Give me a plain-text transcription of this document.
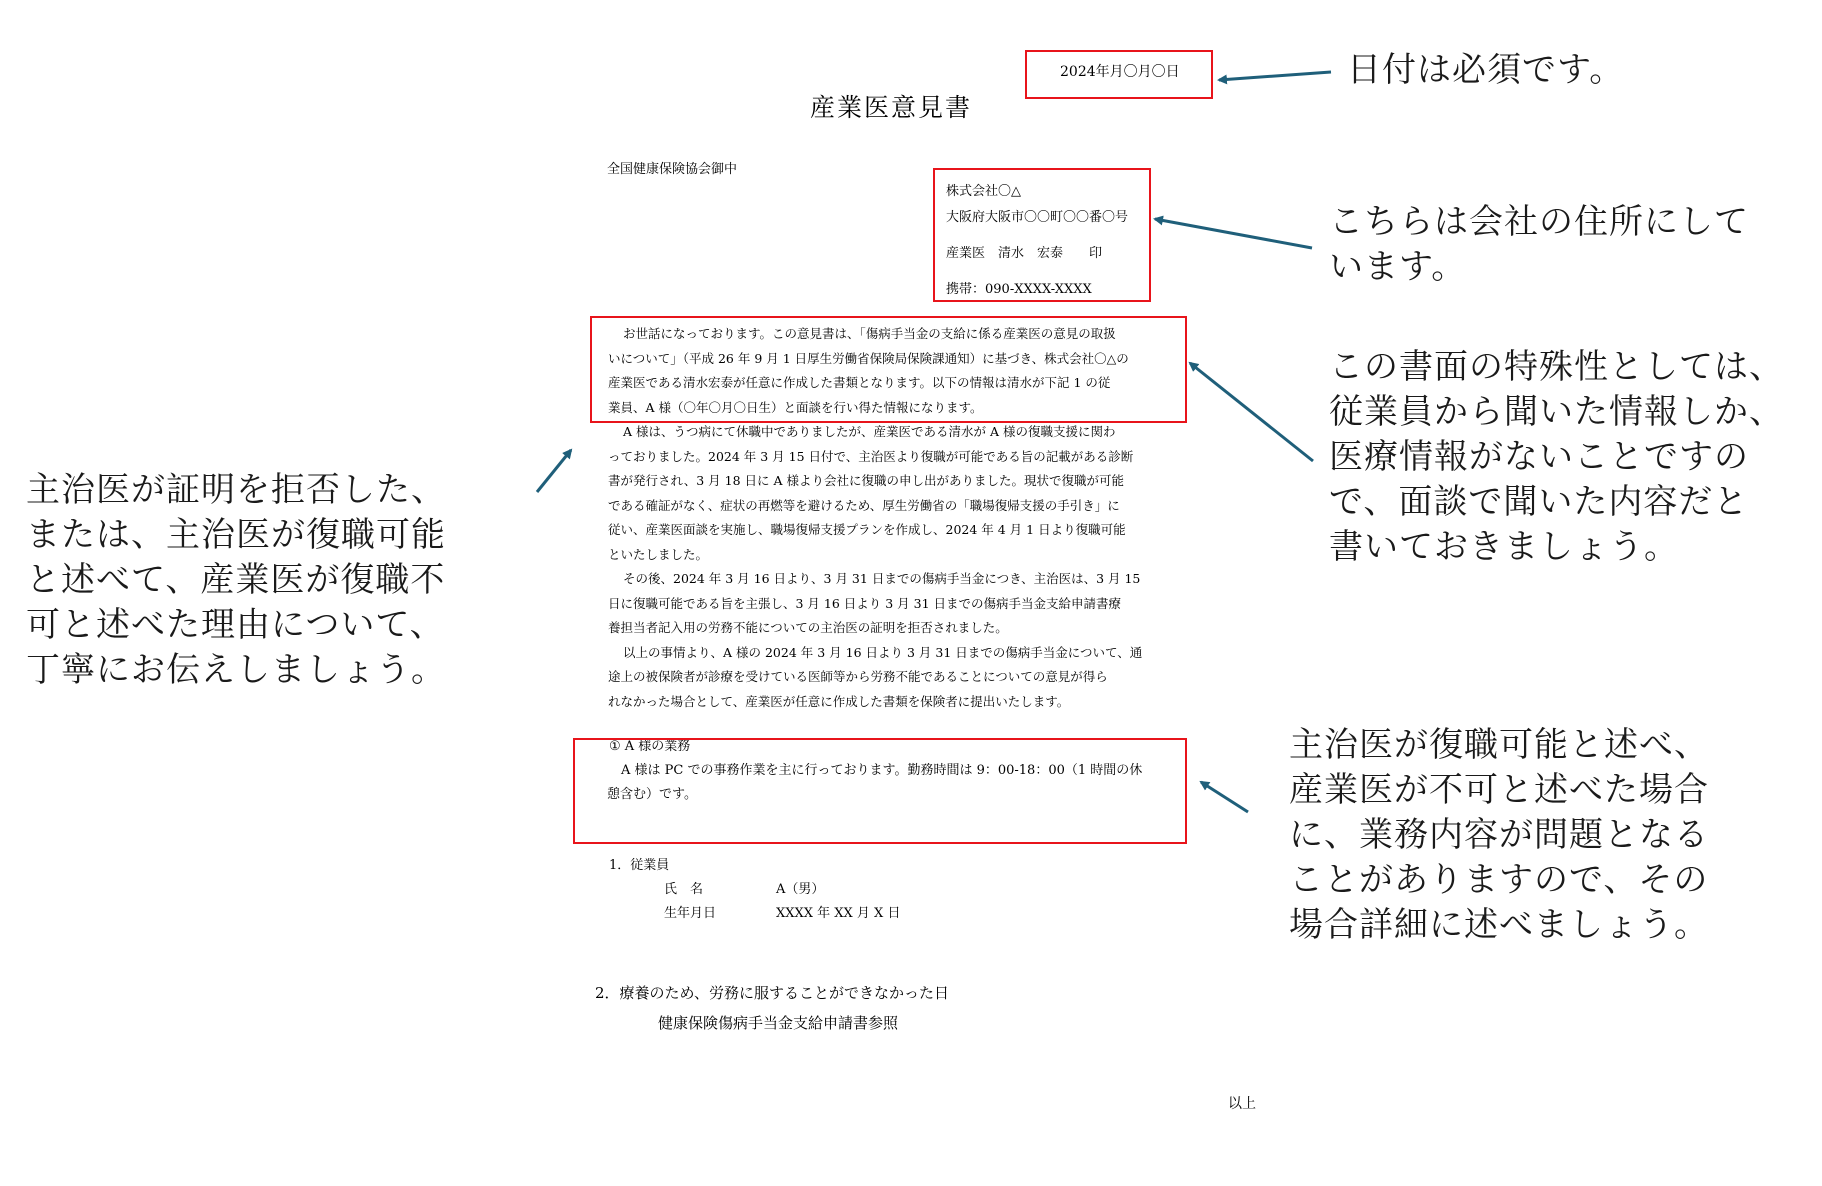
2024年月〇月〇日
産業医意見書
全国健康保険協会御中
株式会社〇△
大阪府大阪市〇〇町〇〇番〇号
産業医　清水　宏泰　　印
携帯：090-XXXX-XXXX
お世話になっております。この意見書は、「傷病手当金の支給に係る産業医の意見の取扱
いについて」（平成 26 年 9 月 1 日厚生労働省保険局保険課通知）に基づき、株式会社〇△の
産業医である清水宏泰が任意に作成した書類となります。以下の情報は清水が下記 1 の従
業員、A 様（〇年〇月〇日生）と面談を行い得た情報になります。
A 様は、うつ病にて休職中でありましたが、産業医である清水が A 様の復職支援に関わ
っておりました。2024 年 3 月 15 日付で、主治医より復職が可能である旨の記載がある診断
書が発行され、3 月 18 日に A 様より会社に復職の申し出がありました。現状で復職が可能
である確証がなく、症状の再燃等を避けるため、厚生労働省の「職場復帰支援の手引き」に
従い、産業医面談を実施し、職場復帰支援プランを作成し、2024 年 4 月 1 日より復職可能
といたしました。
その後、2024 年 3 月 16 日より、3 月 31 日までの傷病手当金につき、主治医は、3 月 15
日に復職可能である旨を主張し、3 月 16 日より 3 月 31 日までの傷病手当金支給申請書療
養担当者記入用の労務不能についての主治医の証明を拒否されました。
以上の事情より、A 様の 2024 年 3 月 16 日より 3 月 31 日までの傷病手当金について、通
途上の被保険者が診療を受けている医師等から労務不能であることについての意見が得ら
れなかった場合として、産業医が任意に作成した書類を保険者に提出いたします。
① A 様の業務
A 様は PC での事務作業を主に行っております。勤務時間は 9：00-18：00（1 時間の休
憩含む）です。
1．従業員
氏　名	A（男）
生年月日	XXXX 年 XX 月 X 日
2．療養のため、労務に服することができなかった日
健康保険傷病手当金支給申請書参照
以上
日付は必須です。
こちらは会社の住所にして
います。
この書面の特殊性としては、
従業員から聞いた情報しか、
医療情報がないことですの
で、面談で聞いた内容だと
書いておきましょう。
主治医が証明を拒否した、
または、主治医が復職可能
と述べて、産業医が復職不
可と述べた理由について、
丁寧にお伝えしましょう。
主治医が復職可能と述べ、
産業医が不可と述べた場合
に、業務内容が問題となる
ことがありますので、その
場合詳細に述べましょう。
